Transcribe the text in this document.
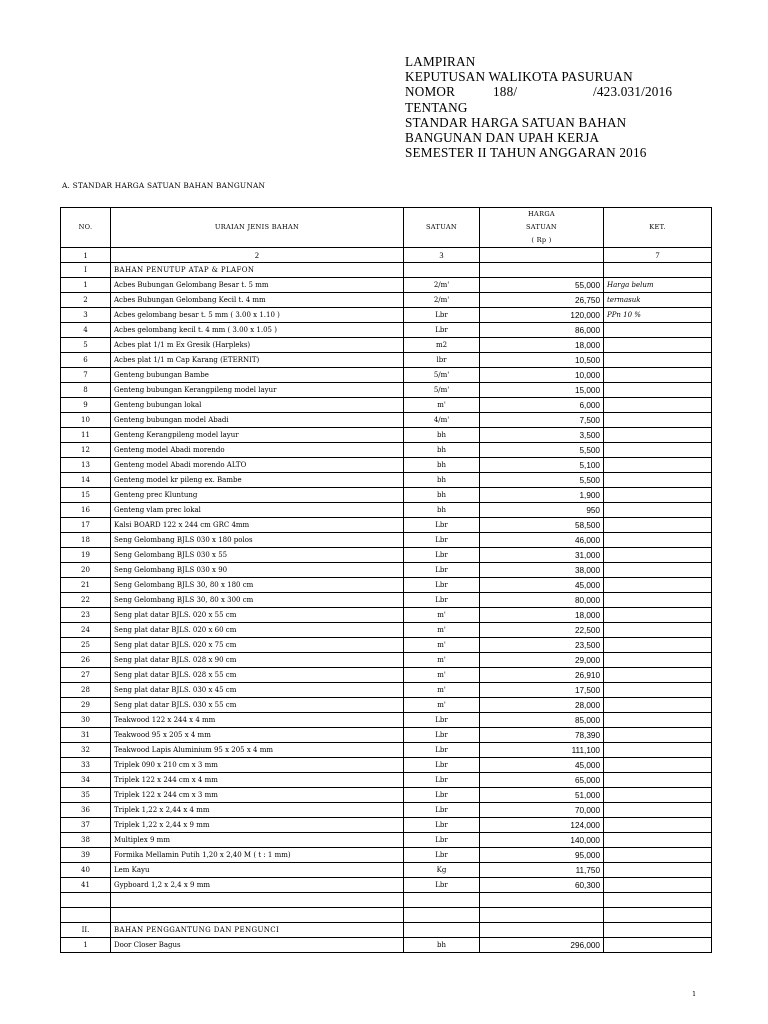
LAMPIRAN
KEPUTUSAN WALIKOTA PASURUAN
NOMOR	188/	/423.031/2016
TENTANG
STANDAR HARGA SATUAN BAHAN
BANGUNAN DAN UPAH KERJA
SEMESTER II TAHUN ANGGARAN 2016
A. STANDAR HARGA SATUAN BAHAN BANGUNAN
NO.	URAIAN JENIS BAHAN	SATUAN	HARGA
SATUAN
( Rp )	KET.
1	2	3		7
I	BAHAN PENUTUP ATAP & PLAFON			
1	Acbes Bubungan Gelombang Besar t. 5 mm	2/m'	55,000	Harga belum
2	Acbes Bubungan Gelombang Kecil t. 4 mm	2/m'	26,750	termasuk
3	Acbes gelombang besar t. 5 mm ( 3.00 x 1.10 )	Lbr	120,000	PPn 10 %
4	Acbes gelombang kecil t. 4 mm ( 3.00 x 1.05 )	Lbr	86,000	
5	Acbes plat 1/1 m Ex Gresik (Harpleks)	m2	18,000	
6	Acbes plat 1/1 m Cap Karang (ETERNIT)	lbr	10,500	
7	Genteng bubungan Bambe	5/m'	10,000	
8	Genteng bubungan Kerangpileng model layur	5/m'	15,000	
9	Genteng bubungan lokal	m'	6,000	
10	Genteng bubungan model Abadi	4/m'	7,500	
11	Genteng Kerangpileng model layur	bh	3,500	
12	Genteng model Abadi morendo	bh	5,500	
13	Genteng model Abadi morendo ALTO	bh	5,100	
14	Genteng model kr pileng ex. Bambe	bh	5,500	
15	Genteng prec Kluntung	bh	1,900	
16	Genteng vlam prec lokal	bh	950	
17	Kalsi BOARD 122 x 244 cm GRC 4mm	Lbr	58,500	
18	Seng Gelombang BJLS 030 x 180 polos	Lbr	46,000	
19	Seng Gelombang BJLS 030 x 55	Lbr	31,000	
20	Seng Gelombang BJLS 030 x 90	Lbr	38,000	
21	Seng Gelombang BJLS 30, 80 x 180 cm	Lbr	45,000	
22	Seng Gelombang BJLS 30, 80 x 300 cm	Lbr	80,000	
23	Seng plat datar BJLS. 020 x 55 cm	m'	18,000	
24	Seng plat datar BJLS. 020 x 60 cm	m'	22,500	
25	Seng plat datar BJLS. 020 x 75 cm	m'	23,500	
26	Seng plat datar BJLS. 028 x 90 cm	m'	29,000	
27	Seng plat datar BJLS. 028 x 55 cm	m'	26,910	
28	Seng plat datar BJLS. 030 x 45 cm	m'	17,500	
29	Seng plat datar BJLS. 030 x 55 cm	m'	28,000	
30	Teakwood 122 x 244 x 4 mm	Lbr	85,000	
31	Teakwood 95 x 205 x 4 mm	Lbr	78,390	
32	Teakwood Lapis Aluminium 95 x 205 x 4 mm	Lbr	111,100	
33	Triplek 090 x 210 cm x 3 mm	Lbr	45,000	
34	Triplek 122 x 244 cm x 4 mm	Lbr	65,000	
35	Triplek 122 x 244 cm x 3 mm	Lbr	51,000	
36	Triplek 1,22 x 2,44 x 4 mm	Lbr	70,000	
37	Triplek 1,22 x 2,44 x 9 mm	Lbr	124,000	
38	Multiplex 9 mm	Lbr	140,000	
39	Formika Mellamin Putih 1,20 x 2,40 M ( t : 1 mm)	Lbr	95,000	
40	Lem Kayu	Kg	11,750	
41	Gypboard 1,2 x 2,4 x 9 mm	Lbr	60,300	

II.	BAHAN PENGGANTUNG DAN PENGUNCI			
1	Door Closer Bagus	bh	296,000	
1
